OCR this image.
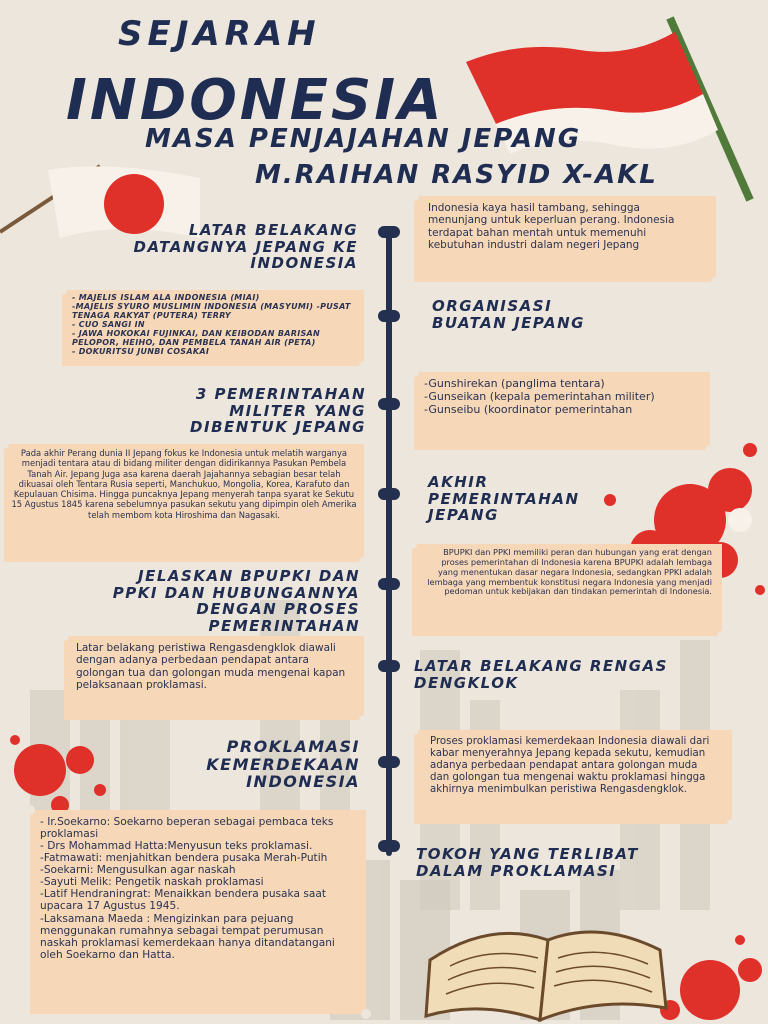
SEJARAH
INDONESIA
MASA PENJAJAHAN JEPANG
M.RAIHAN RASYID X-AKL
LATAR BELAKANG
DATANGNYA JEPANG KE
INDONESIA
Indonesia kaya hasil tambang, sehingga menunjang untuk keperluan perang. Indonesia terdapat bahan mentah untuk memenuhi kebutuhan industri dalam negeri Jepang
- MAJELIS ISLAM ALA INDONESIA (MIAI)
-MAJELIS SYURO MUSLIMIN INDONESIA (MASYUMI) -PUSAT TENAGA RAKYAT (PUTERA) TERRY
- CUO SANGI IN
- JAWA HOKOKAI FUJINKAI, DAN KEIBODAN BARISAN PELOPOR, HEIHO, DAN PEMBELA TANAH AIR (PETA)
- DOKURITSU JUNBI COSAKAI
ORGANISASI
BUATAN JEPANG
3 PEMERINTAHAN
MILITER YANG
DIBENTUK JEPANG
-Gunshirekan (panglima tentara)
-Gunseikan (kepala pemerintahan militer)
-Gunseibu (koordinator pemerintahan
Pada akhir Perang dunia II Jepang fokus ke Indonesia untuk melatih warganya menjadi tentara atau di bidang militer dengan didirikannya Pasukan Pembela Tanah Air. Jepang Juga asa karena daerah Jajahannya sebagian besar telah dikuasai oleh Tentara Rusia seperti, Manchukuo, Mongolia, Korea, Karafuto dan Kepulauan Chisima. Hingga puncaknya Jepang menyerah tanpa syarat ke Sekutu 15 Agustus 1845 karena sebelumnya pasukan sekutu yang dipimpin oleh Amerika telah membom kota Hiroshima dan Nagasaki.
AKHIR
PEMERINTAHAN
JEPANG
JELASKAN BPUPKI DAN
PPKI DAN HUBUNGANNYA
DENGAN PROSES
PEMERINTAHAN
BPUPKI dan PPKI memiliki peran dan hubungan yang erat dengan proses pemerintahan di Indonesia karena BPUPKI adalah lembaga yang menentukan dasar negara Indonesia, sedangkan PPKI adalah lembaga yang membentuk konstitusi negara Indonesia yang menjadi pedoman untuk kebijakan dan tindakan pemerintah di Indonesia.
Latar belakang peristiwa Rengasdengklok diawali dengan adanya perbedaan pendapat antara golongan tua dan golongan muda mengenai kapan pelaksanaan proklamasi.
LATAR BELAKANG RENGAS
DENGKLOK
PROKLAMASI
KEMERDEKAAN
INDONESIA
Proses proklamasi kemerdekaan Indonesia diawali dari kabar menyerahnya Jepang kepada sekutu, kemudian adanya perbedaan pendapat antara golongan muda dan golongan tua mengenai waktu proklamasi hingga akhirnya menimbulkan peristiwa Rengasdengklok.
- Ir.Soekarno: Soekarno beperan sebagai pembaca teks proklamasi
- Drs Mohammad Hatta:Menyusun teks proklamasi.
-Fatmawati: menjahitkan bendera pusaka Merah-Putih
-Soekarni: Mengusulkan agar naskah
-Sayuti Melik: Pengetik naskah proklamasi
-Latif Hendraningrat: Menaikkan bendera pusaka saat upacara 17 Agustus 1945.
-Laksamana Maeda : Mengizinkan para pejuang menggunakan rumahnya sebagai tempat perumusan naskah proklamasi kemerdekaan hanya ditandatangani oleh Soekarno dan Hatta.
TOKOH YANG TERLIBAT
DALAM PROKLAMASI
